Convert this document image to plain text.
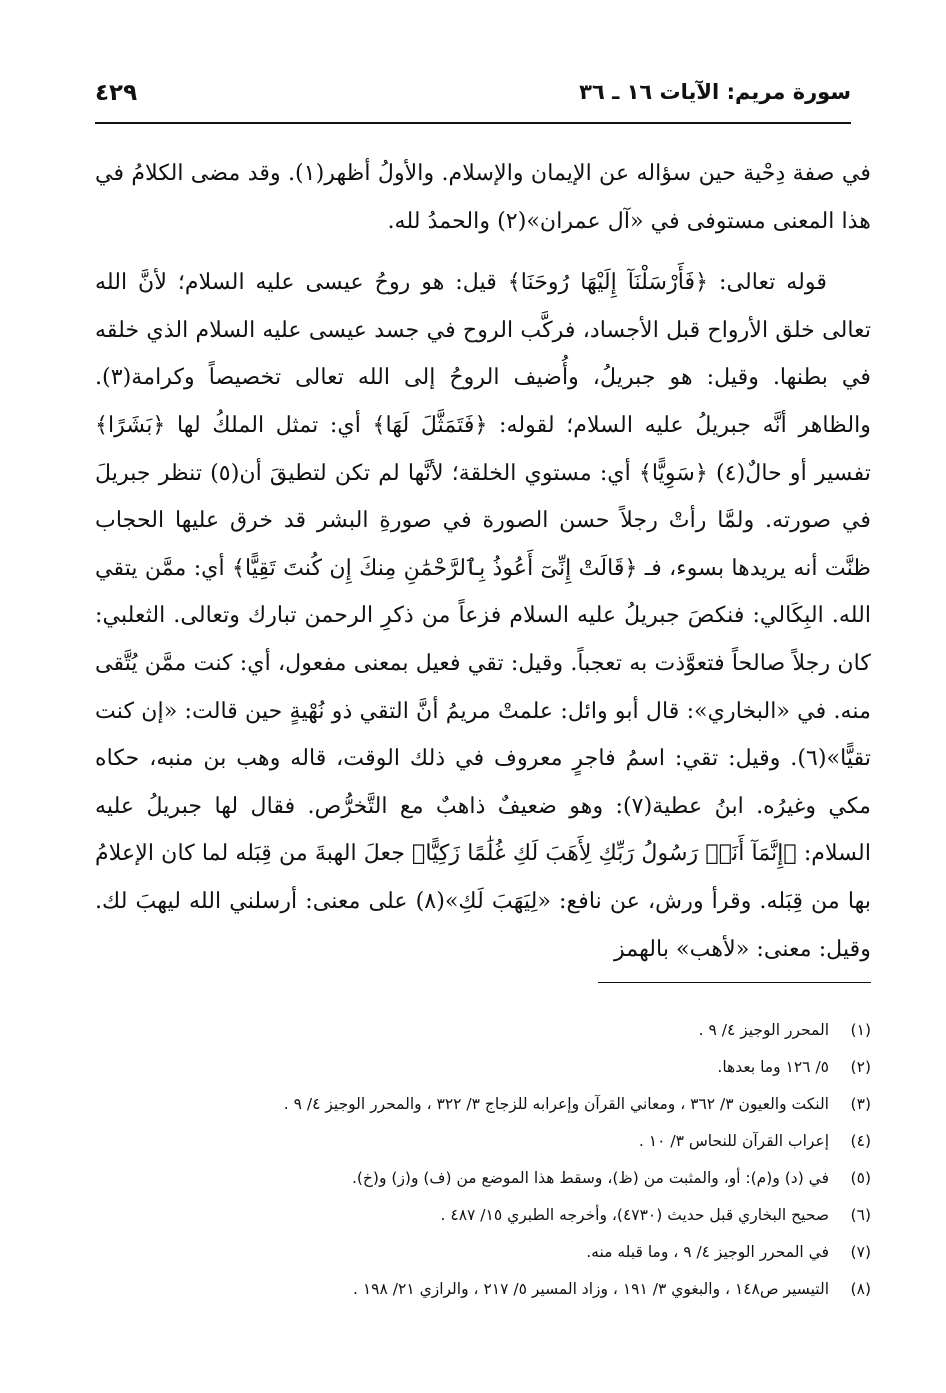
سورة مريم: الآيات ١٦ ـ ٣٦
٤٢٩

في صفة دِحْية حين سؤاله عن الإيمان والإسلام. والأولُ أظهر(١). وقد مضى الكلامُ في هذا المعنى مستوفى في «آل عمران»(٢) والحمدُ لله.

قوله تعالى: ﴿فَأَرْسَلْنَآ إِلَيْهَا رُوحَنَا﴾ قيل: هو روحُ عيسى عليه السلام؛ لأنَّ الله تعالى خلق الأرواح قبل الأجساد، فركَّب الروح في جسد عيسى عليه السلام الذي خلقه في بطنها. وقيل: هو جبريلُ، وأُضيف الروحُ إلى الله تعالى تخصيصاً وكرامة(٣). والظاهر أنَّه جبريلُ عليه السلام؛ لقوله: ﴿فَتَمَثَّلَ لَهَا﴾ أي: تمثل الملكُ لها ﴿بَشَرًا﴾ تفسير أو حالٌ(٤) ﴿سَوِيًّا﴾ أي: مستوي الخلقة؛ لأنَّها لم تكن لتطيقَ أن(٥) تنظر جبريلَ في صورته. ولمَّا رأتْ رجلاً حسن الصورة في صورةِ البشر قد خرق عليها الحجاب ظنَّت أنه يريدها بسوء، فـ ﴿قَالَتْ إِنِّىٓ أَعُوذُ بِٱلرَّحْمَٰنِ مِنكَ إِن كُنتَ تَقِيًّا﴾ أي: ممَّن يتقي الله. البِكَالي: فنكصَ جبريلُ عليه السلام فزعاً من ذكرِ الرحمن تبارك وتعالى. الثعلبي: كان رجلاً صالحاً فتعوَّذت به تعجباً. وقيل: تقي فعيل بمعنى مفعول، أي: كنت ممَّن يُتَّقى منه. في «البخاري»: قال أبو وائل: علمتْ مريمُ أنَّ التقي ذو نُهْيةٍ حين قالت: «إن كنت تقيًّا»(٦). وقيل: تقي: اسمُ فاجرٍ معروف في ذلك الوقت، قاله وهب بن منبه، حكاه مكي وغيرُه. ابنُ عطية(٧): وهو ضعيفٌ ذاهبٌ مع التَّخرُّص. فقال لها جبريلُ عليه السلام: ﴿إِنَّمَآ أَنَا۠ رَسُولُ رَبِّكِ لِأَهَبَ لَكِ غُلَٰمًا زَكِيًّا﴾ جعلَ الهبةَ من قِبَله لما كان الإعلامُ بها من قِبَله. وقرأ ورش، عن نافع: «لِيَهَبَ لَكِ»(٨) على معنى: أرسلني الله ليهبَ لك. وقيل: معنى: «لأهب» بالهمز

(١)
المحرر الوجيز ٤/ ٩ .
(٢)
٥/ ١٢٦ وما بعدها.
(٣)
النكت والعيون ٣/ ٣٦٢ ، ومعاني القرآن وإعرابه للزجاج ٣/ ٣٢٢ ، والمحرر الوجيز ٤/ ٩ .
(٤)
إعراب القرآن للنحاس ٣/ ١٠ .
(٥)
في (د) و(م): أو، والمثبت من (ظ)، وسقط هذا الموضع من (ف) و(ز) و(خ).
(٦)
صحيح البخاري قبل حديث (٤٧٣٠)، وأخرجه الطبري ١٥/ ٤٨٧ .
(٧)
في المحرر الوجيز ٤/ ٩ ، وما قبله منه.
(٨)
التيسير ص١٤٨ ، والبغوي ٣/ ١٩١ ، وزاد المسير ٥/ ٢١٧ ، والرازي ٢١/ ١٩٨ .
